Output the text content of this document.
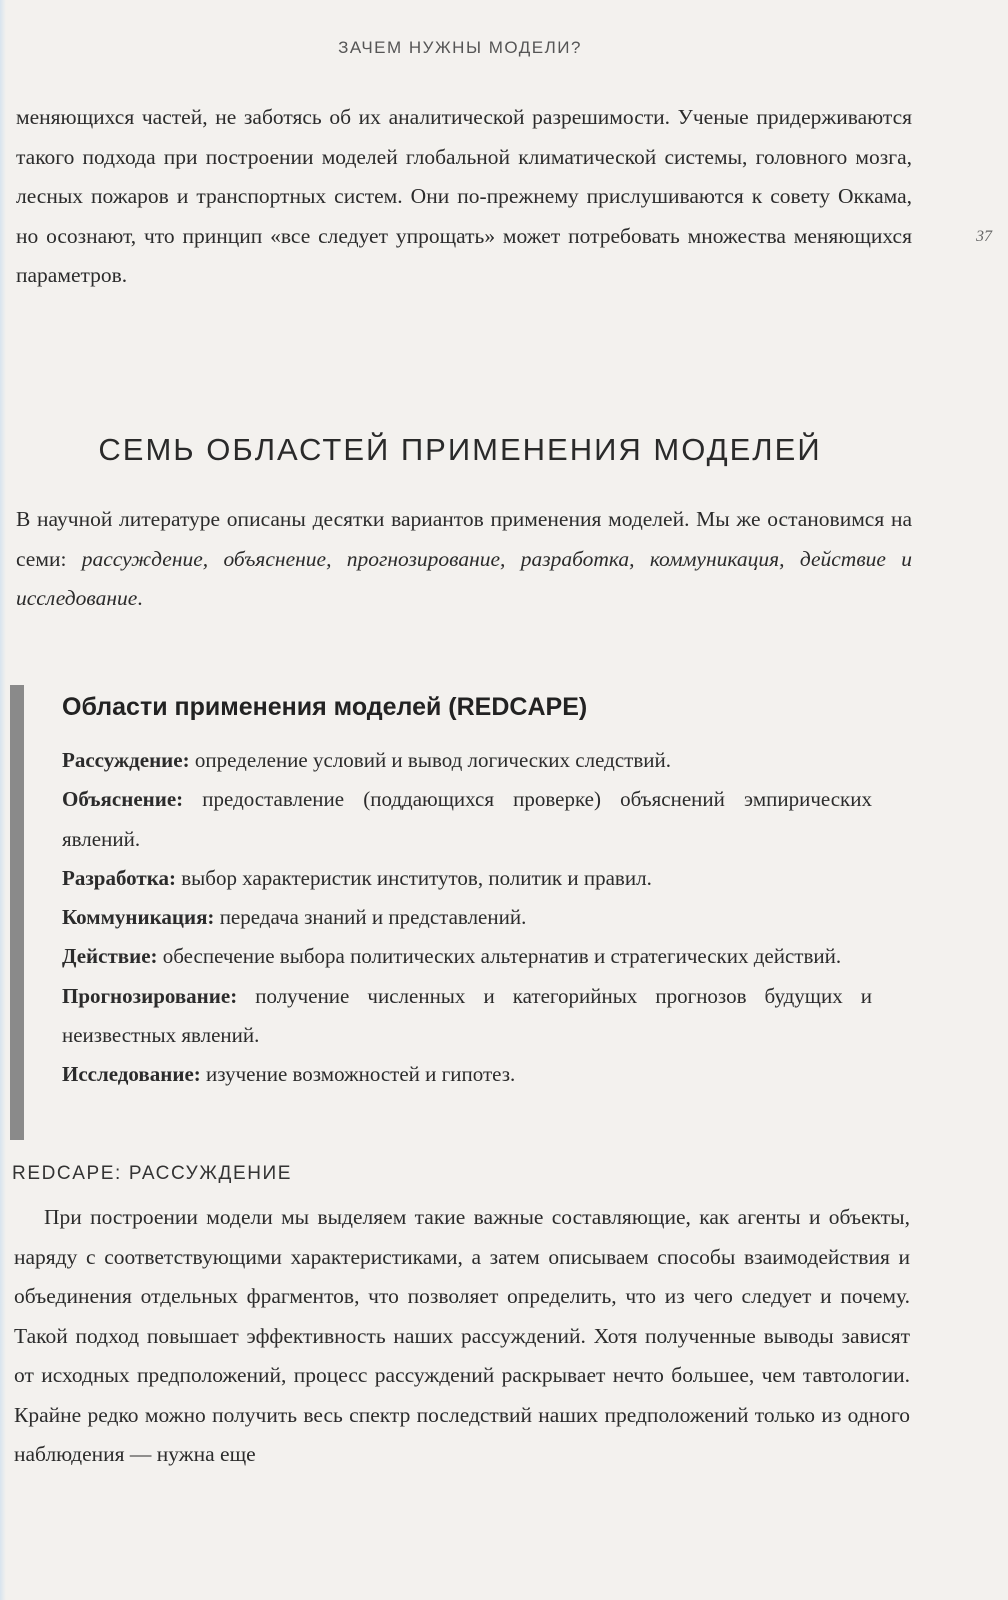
ЗАЧЕМ НУЖНЫ МОДЕЛИ?
37

меняющихся частей, не заботясь об их аналитической разрешимости. Ученые придерживаются такого подхода при построении моделей глобальной климатической системы, головного мозга, лесных пожаров и транспортных систем. Они по-прежнему прислушиваются к совету Оккама, но осознают, что принцип «все следует упрощать» может потребовать множества меняющихся параметров.

СЕМЬ ОБЛАСТЕЙ ПРИМЕНЕНИЯ МОДЕЛЕЙ

В научной литературе описаны десятки вариантов применения моделей. Мы же остановимся на семи: рассуждение, объяснение, прогнозирование, разработка, коммуникация, действие и исследование.

Области применения моделей (REDCAPE)
Рассуждение: определение условий и вывод логических следствий.
Объяснение: предоставление (поддающихся проверке) объяснений эмпирических явлений.
Разработка: выбор характеристик институтов, политик и правил.
Коммуникация: передача знаний и представлений.
Действие: обеспечение выбора политических альтернатив и стратегических действий.
Прогнозирование: получение численных и категорийных прогнозов будущих и неизвестных явлений.
Исследование: изучение возможностей и гипотез.
REDCAPE: РАССУЖДЕНИЕ

При построении модели мы выделяем такие важные составляющие, как агенты и объекты, наряду с соответствующими характеристиками, а затем описываем способы взаимодействия и объединения отдельных фрагментов, что позволяет определить, что из чего следует и почему. Такой подход повышает эффективность наших рассуждений. Хотя полученные выводы зависят от исходных предположений, процесс рассуждений раскрывает нечто большее, чем тавтологии. Крайне редко можно получить весь спектр последствий наших предположений только из одного наблюдения — нужна еще
